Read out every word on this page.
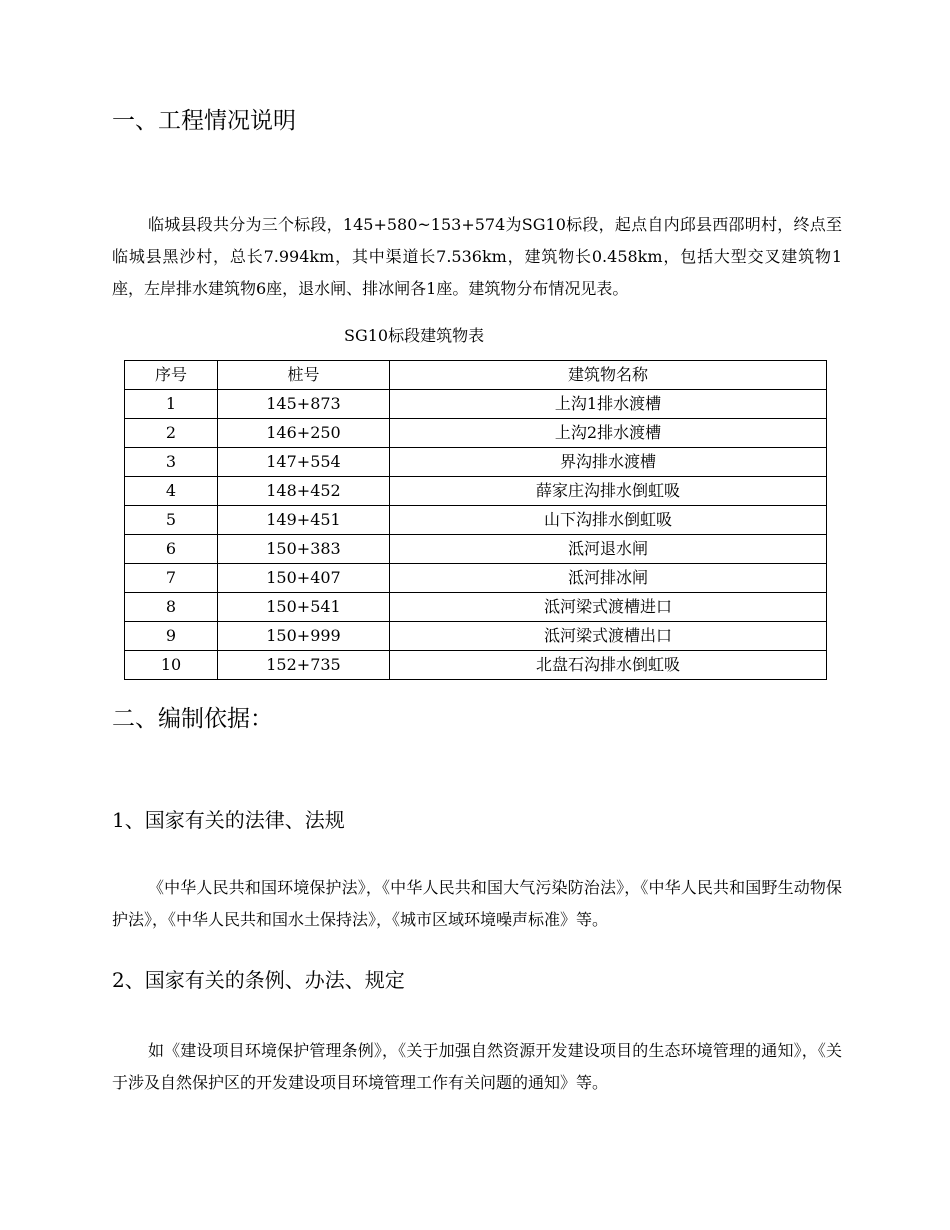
一、工程情况说明

临城县段共分为三个标段，145+580~153+574为SG10标段，起点自内邱县西邵明村，终点至临城县黑沙村，总长7.994km，其中渠道长7.536km，建筑物长0.458km，包括大型交叉建筑物1座，左岸排水建筑物6座，退水闸、排冰闸各1座。建筑物分布情况见表。

SG10标段建筑物表
序号	桩号	建筑物名称
1	145+873	上沟1排水渡槽
2	146+250	上沟2排水渡槽
3	147+554	界沟排水渡槽
4	148+452	薛家庄沟排水倒虹吸
5	149+451	山下沟排水倒虹吸
6	150+383	泜河退水闸
7	150+407	泜河排冰闸
8	150+541	泜河梁式渡槽进口
9	150+999	泜河梁式渡槽出口
10	152+735	北盘石沟排水倒虹吸
二、编制依据：
1、国家有关的法律、法规

《中华人民共和国环境保护法》，《中华人民共和国大气污染防治法》，《中华人民共和国野生动物保护法》，《中华人民共和国水土保持法》，《城市区域环境噪声标准》等。

2、国家有关的条例、办法、规定

如《建设项目环境保护管理条例》，《关于加强自然资源开发建设项目的生态环境管理的通知》，《关于涉及自然保护区的开发建设项目环境管理工作有关问题的通知》等。
